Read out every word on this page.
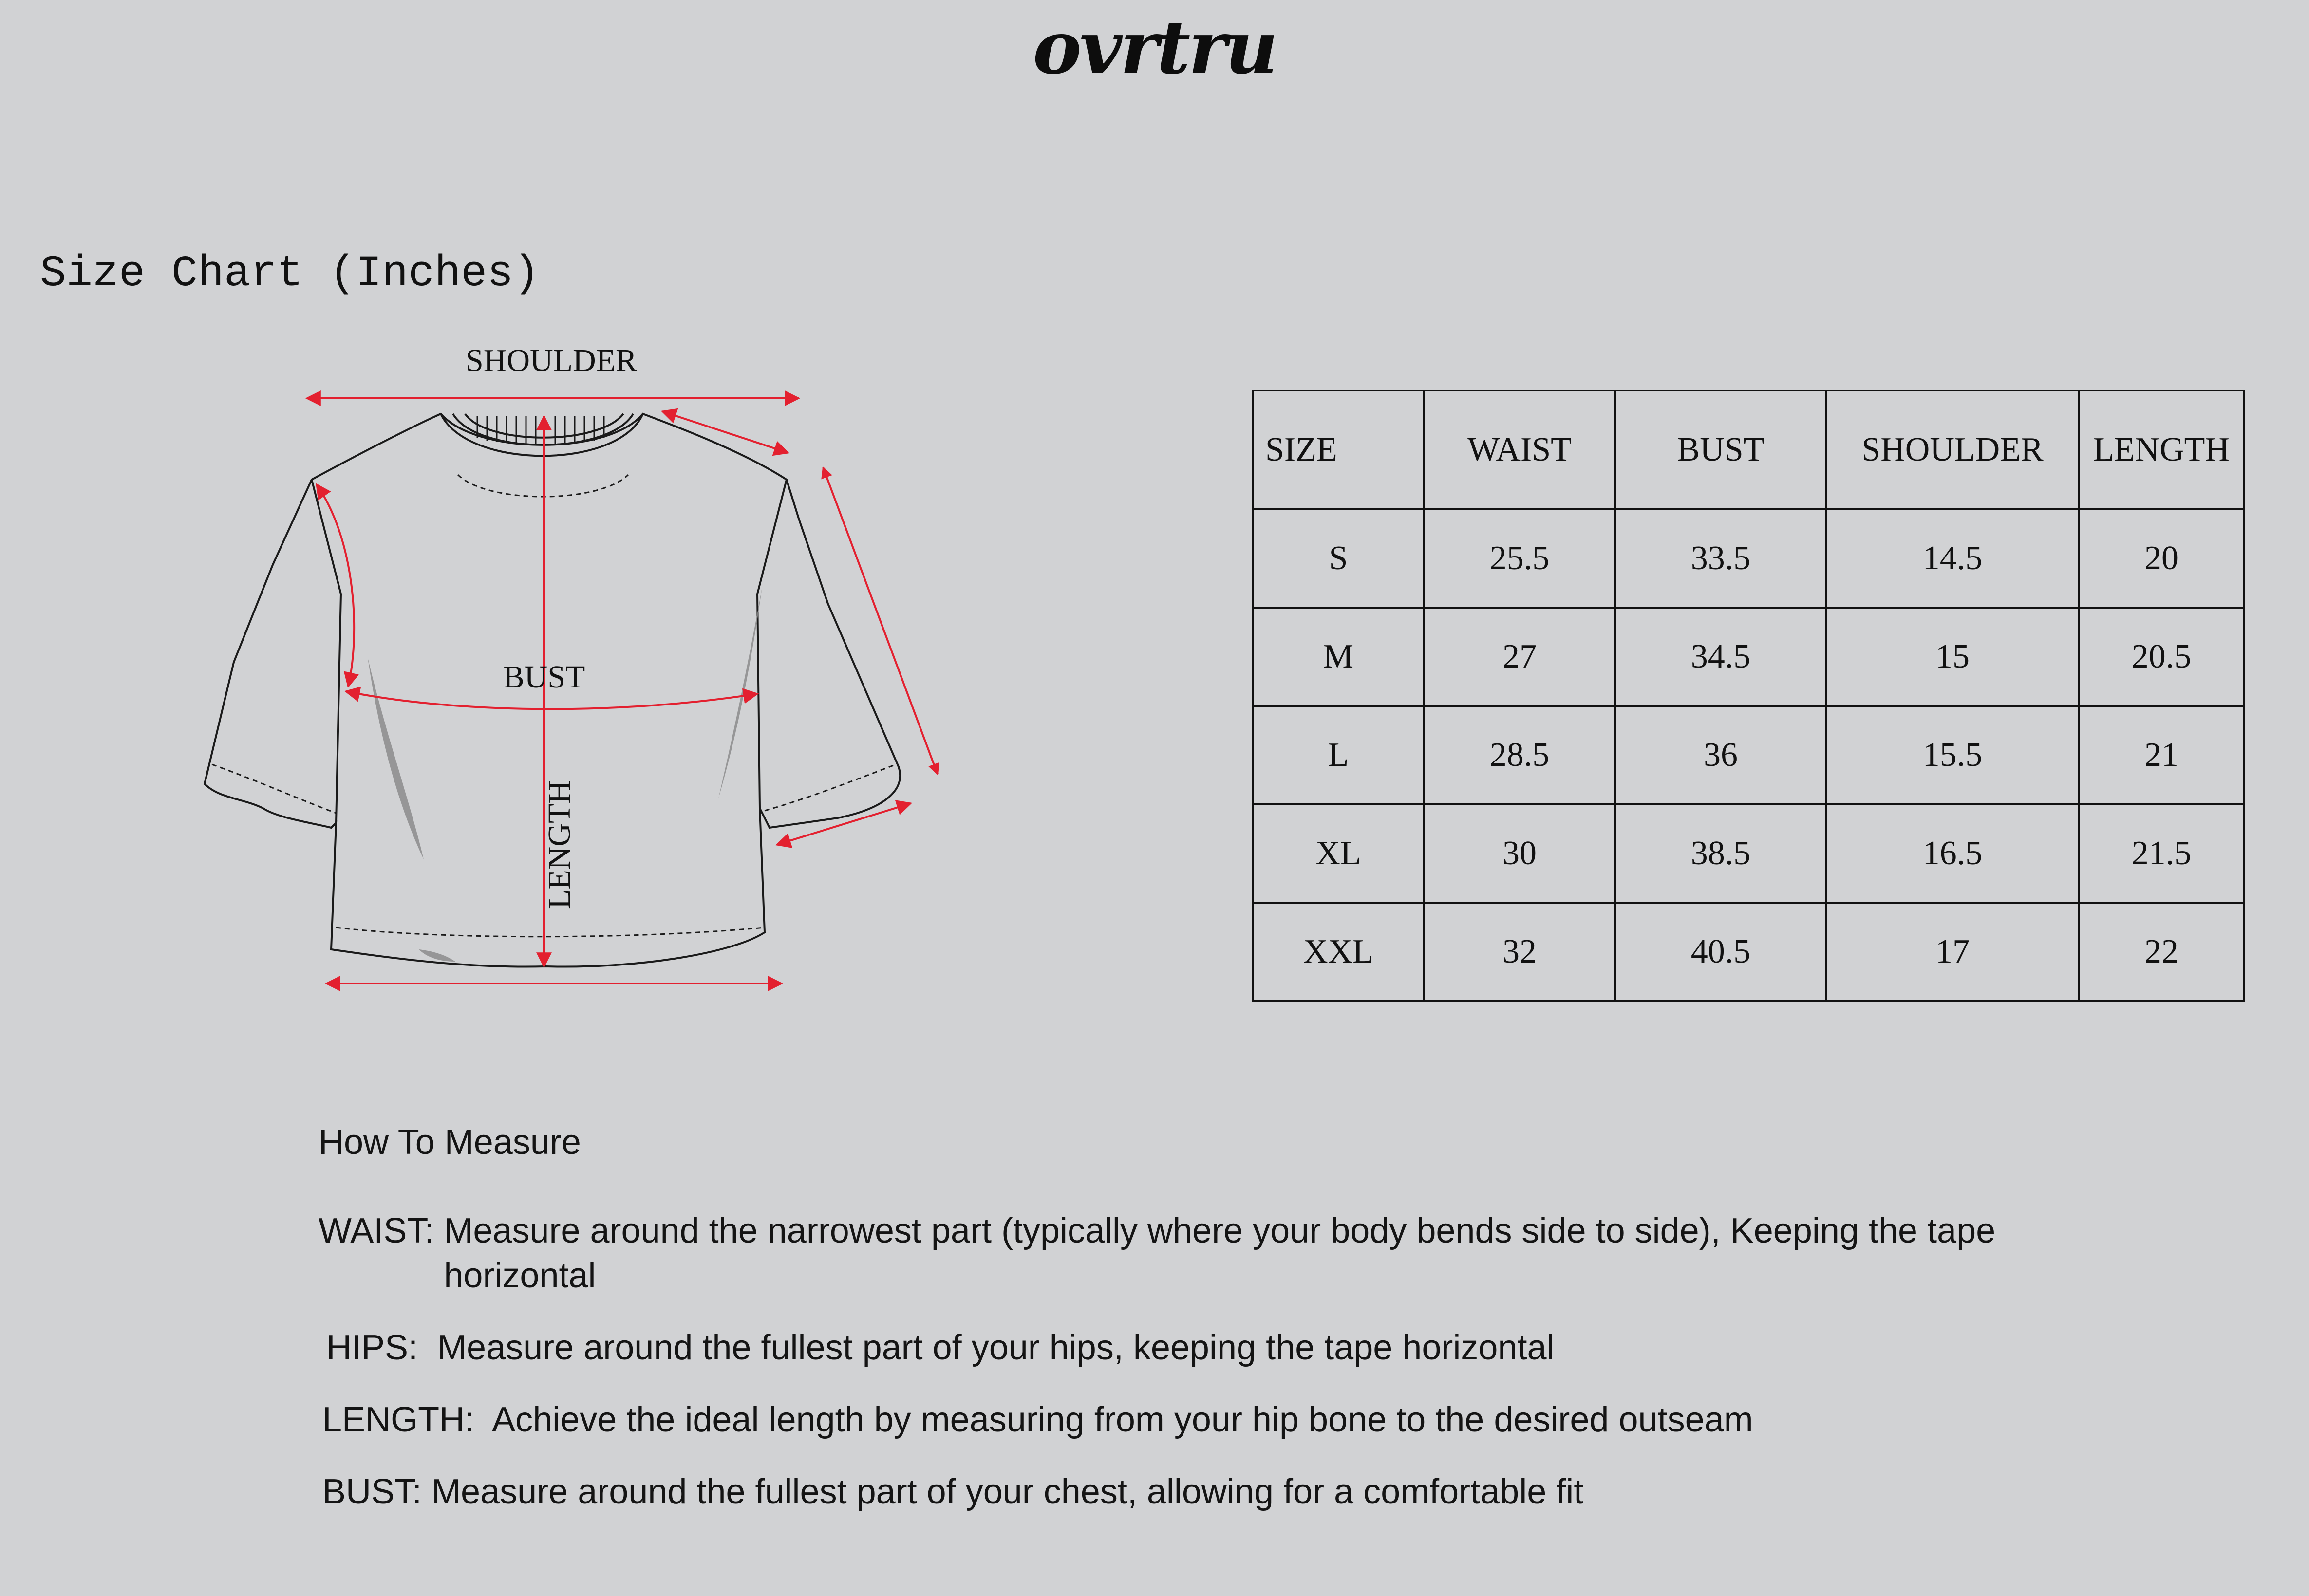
ovrtru
Size Chart (Inches)
SHOULDER
BUST
LENGTH
SIZE	WAIST	BUST	SHOULDER	LENGTH
S	25.5	33.5	14.5	20
M	27	34.5	15	20.5
L	28.5	36	15.5	21
XL	30	38.5	16.5	21.5
XXL	32	40.5	17	22
How To Measure
WAIST: Measure around the narrowest part (typically where your body bends side to side), Keeping the tape horizontal
HIPS:  Measure around the fullest part of your hips, keeping the tape horizontal
LENGTH:  Achieve the ideal length by measuring from your hip bone to the desired outseam
BUST: Measure around the fullest part of your chest, allowing for a comfortable fit
